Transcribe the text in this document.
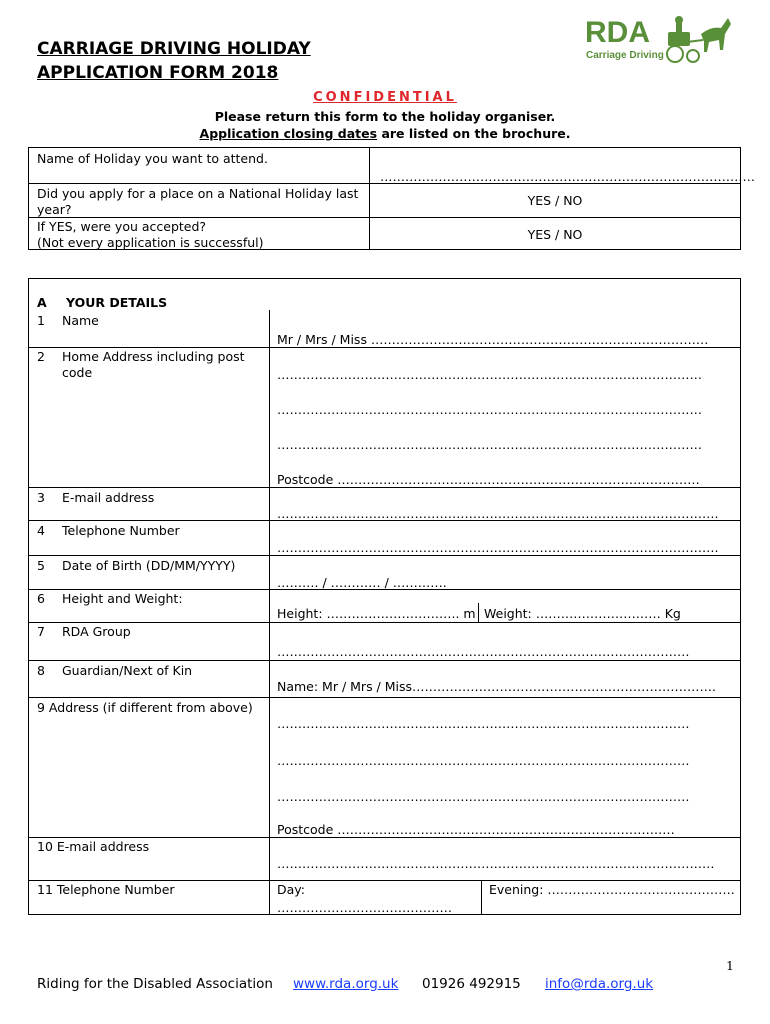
CARRIAGE DRIVING HOLIDAY
APPLICATION FORM 2018
RDA
Carriage Driving
CONFIDENTIAL
Please return this form to the holiday organiser.
Application closing dates are listed on the brochure.
Name of Holiday you want to attend.
………………………………………………………………………………
Did you apply for a place on a National Holiday last
year?
YES / NO
If YES, were you accepted?
(Not every application is successful)
YES / NO
A YOUR DETAILS
1 Name
Mr / Mrs / Miss ………………………………………………………………………
2 Home Address including post
code	…………………………………………………………………………………………
…………………………………………………………………………………………
…………………………………………………………………………………………
Postcode ……………………………………………………………………………
3 E-mail address
…………………………………………………………………………………………….
4 Telephone Number
…………………………………………………………………………………………….
5 Date of Birth (DD/MM/YYYY)
………. / ………… / ………….
6 Height and Weight:
Height: ………………………….. m Weight: ………………………… Kg
7 RDA Group
………………………………………………………………………………………
8 Guardian/Next of Kin
Name: Mr / Mrs / Miss……………………………………………………………….
9 Address (if different from above)
………………………………………………………………………………………
………………………………………………………………………………………
………………………………………………………………………………………
Postcode ………………………………………………………………………
10 E-mail address
……………………………………………………………………………………………
11 Telephone Number	Day:
……………………………………
Evening: ………………………………………
1
Riding for the Disabled Association www.rda.org.uk 01926 492915 info@rda.org.uk
